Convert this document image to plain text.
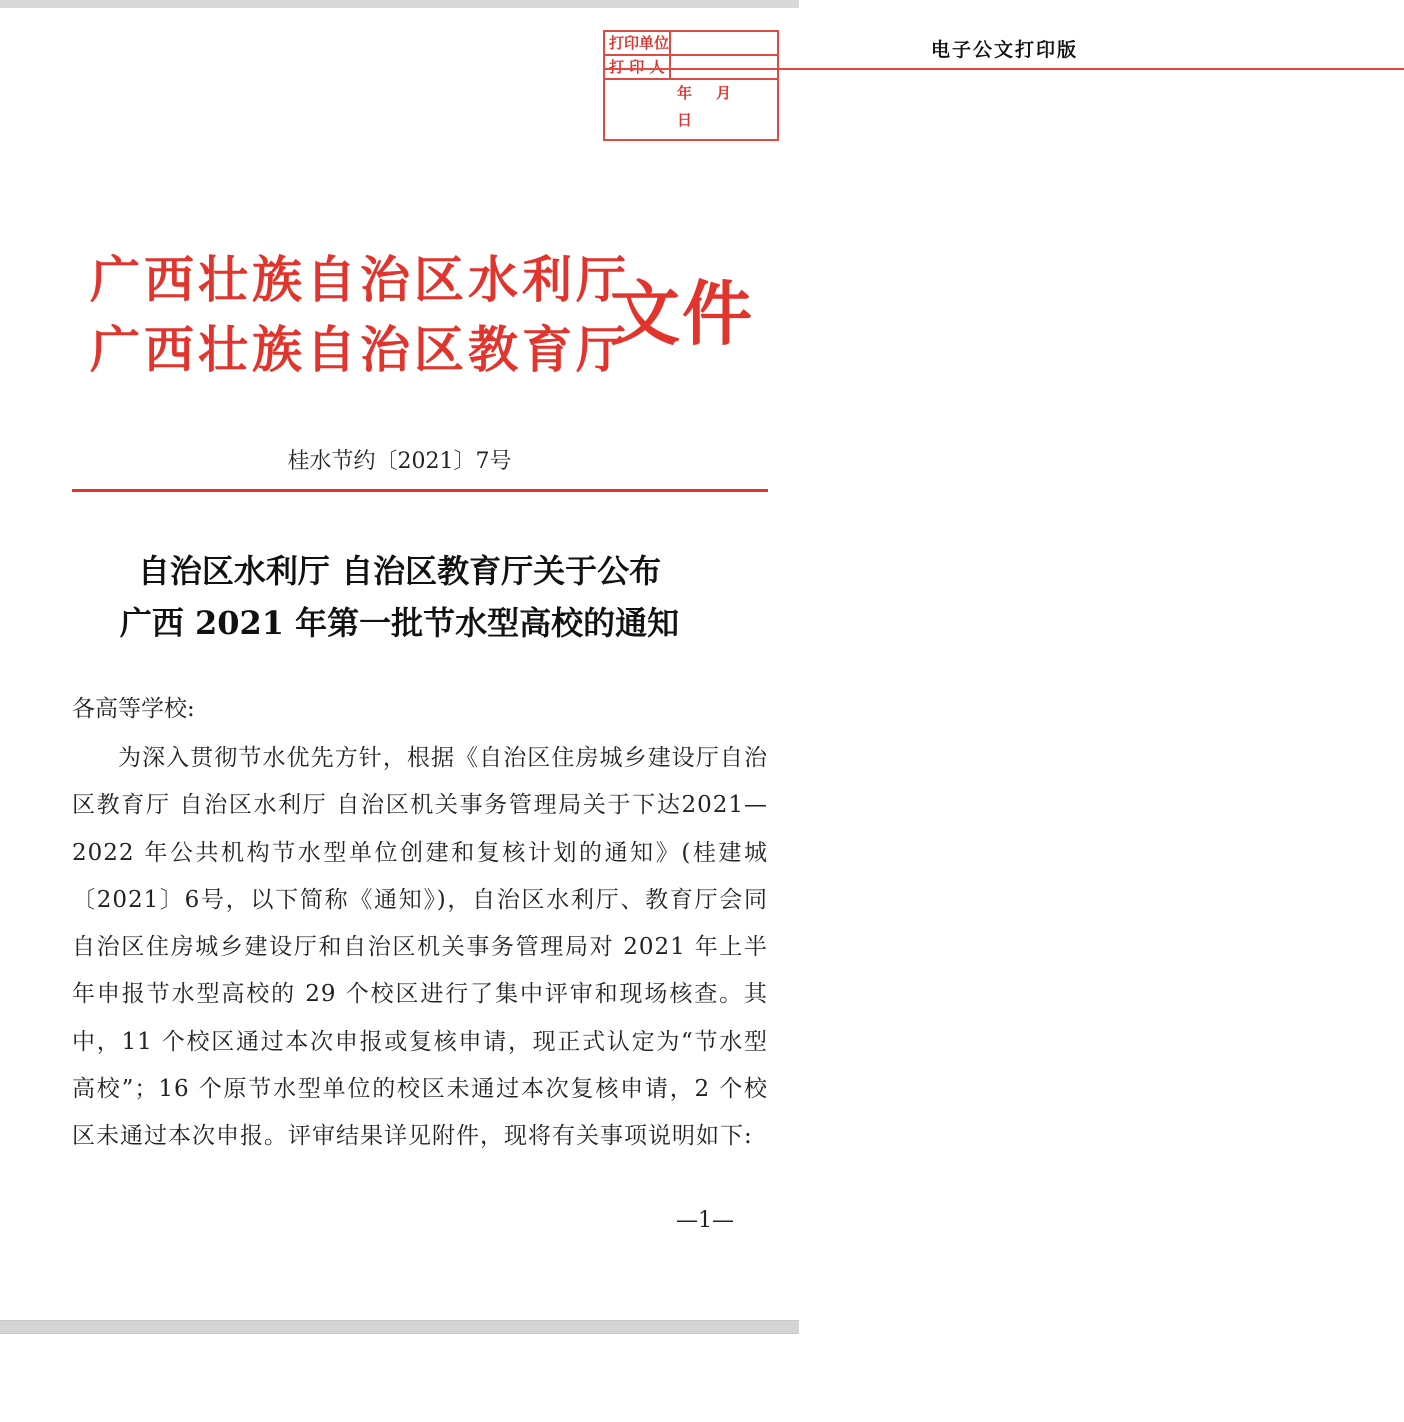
电子公文打印版
打印单位
打 印 人
年 月日
广西壮族自治区水利厅
广西壮族自治区教育厅
文件
桂水节约〔2021〕7号
自治区水利厅 自治区教育厅关于公布
广西 2021 年第一批节水型高校的通知
各高等学校:
为深入贯彻节水优先方针，根据《自治区住房城乡建设厅自治区教育厅 自治区水利厅 自治区机关事务管理局关于下达2021—2022 年公共机构节水型单位创建和复核计划的通知》(桂建城〔2021〕6号，以下简称《通知》)，自治区水利厅、教育厅会同自治区住房城乡建设厅和自治区机关事务管理局对 2021 年上半年申报节水型高校的 29 个校区进行了集中评审和现场核查。其中，11 个校区通过本次申报或复核申请，现正式认定为“节水型高校”；16 个原节水型单位的校区未通过本次复核申请，2 个校区未通过本次申报。评审结果详见附件，现将有关事项说明如下:
—1—
